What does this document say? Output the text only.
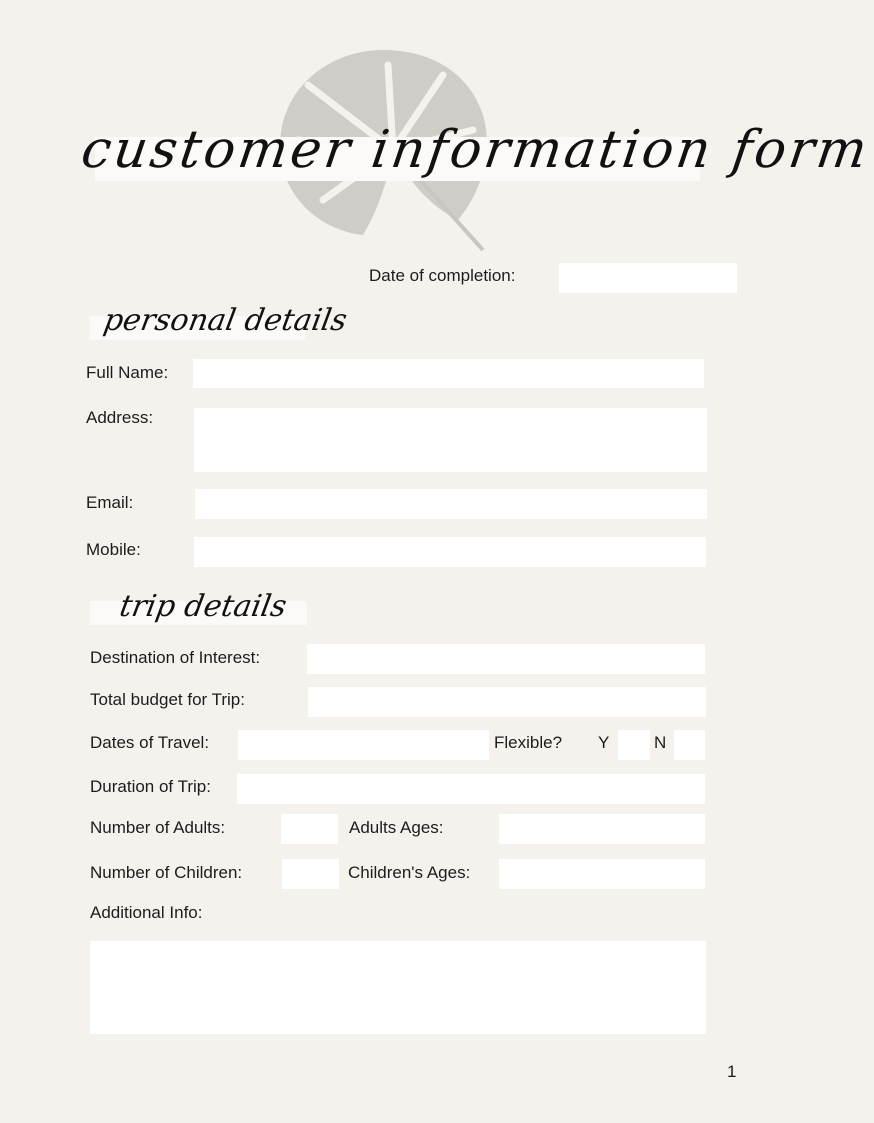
customer information form
Date of completion:
personal details
Full Name:
Address:
Email:
Mobile:
trip details
Destination of Interest:
Total budget for Trip:
Dates of Travel:	Flexible? Y	N
Duration of Trip:
Number of Adults:	Adults Ages:
Number of Children:	Children's Ages:
Additional Info:
1
